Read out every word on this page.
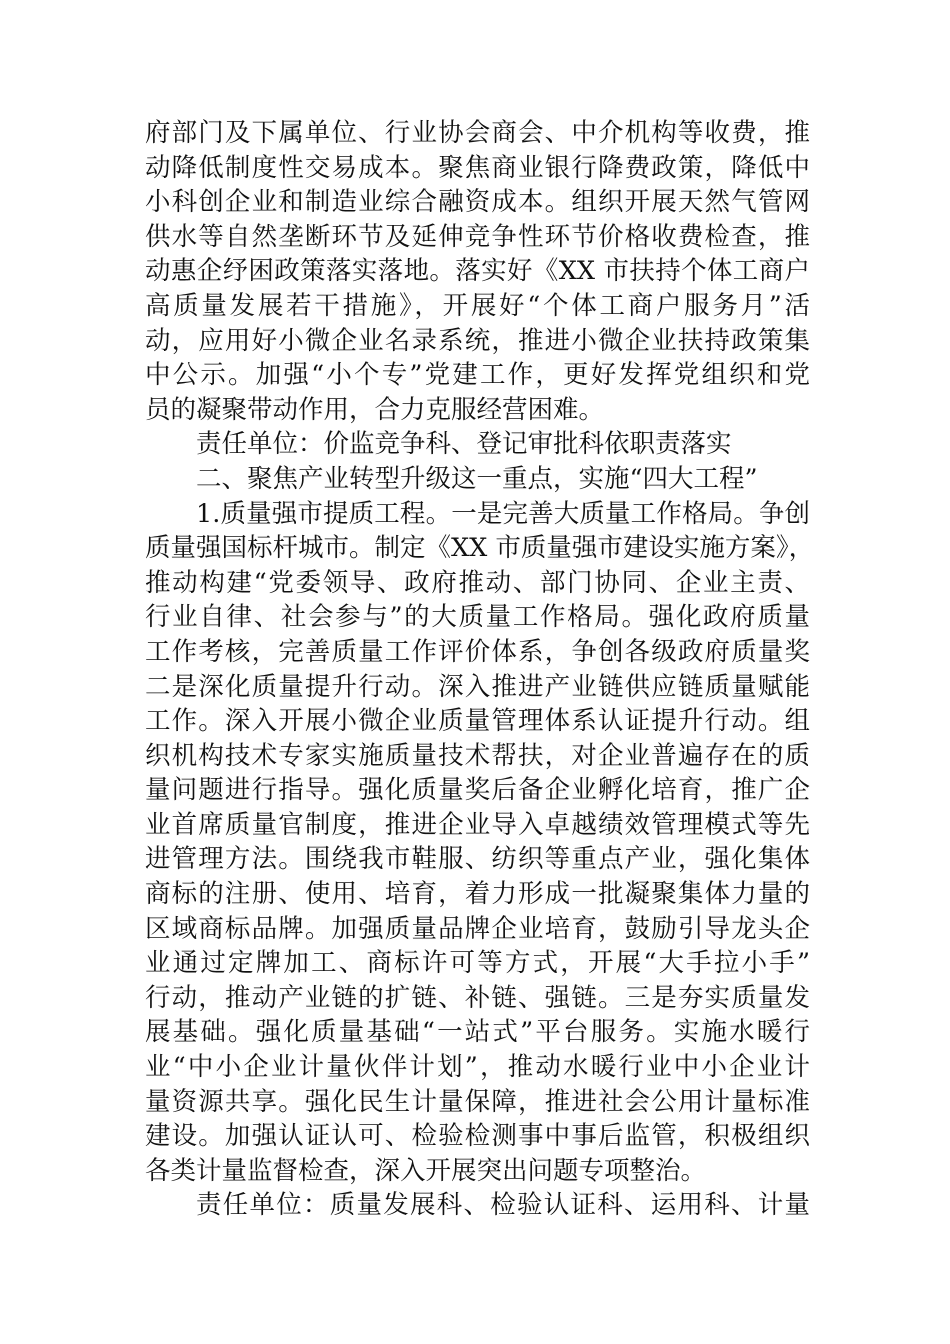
府部门及下属单位、行业协会商会、中介机构等收费，推
动降低制度性交易成本。聚焦商业银行降费政策，降低中
小科创企业和制造业综合融资成本。组织开展天然气管网
供水等自然垄断环节及延伸竞争性环节价格收费检查，推
动惠企纾困政策落实落地。落实好《XX 市扶持个体工商户
高质量发展若干措施》，开展好“个体工商户服务月”活
动，应用好小微企业名录系统，推进小微企业扶持政策集
中公示。加强“小个专”党建工作，更好发挥党组织和党
员的凝聚带动作用，合力克服经营困难。
责任单位：价监竞争科、登记审批科依职责落实
二、聚焦产业转型升级这一重点，实施“四大工程”
1.质量强市提质工程。一是完善大质量工作格局。争创
质量强国标杆城市。制定《XX 市质量强市建设实施方案》，
推动构建“党委领导、政府推动、部门协同、企业主责、
行业自律、社会参与”的大质量工作格局。强化政府质量
工作考核，完善质量工作评价体系，争创各级政府质量奖
二是深化质量提升行动。深入推进产业链供应链质量赋能
工作。深入开展小微企业质量管理体系认证提升行动。组
织机构技术专家实施质量技术帮扶，对企业普遍存在的质
量问题进行指导。强化质量奖后备企业孵化培育，推广企
业首席质量官制度，推进企业导入卓越绩效管理模式等先
进管理方法。围绕我市鞋服、纺织等重点产业，强化集体
商标的注册、使用、培育，着力形成一批凝聚集体力量的
区域商标品牌。加强质量品牌企业培育，鼓励引导龙头企
业通过定牌加工、商标许可等方式，开展“大手拉小手”
行动，推动产业链的扩链、补链、强链。三是夯实质量发
展基础。强化质量基础“一站式”平台服务。实施水暖行
业“中小企业计量伙伴计划”，推动水暖行业中小企业计
量资源共享。强化民生计量保障，推进社会公用计量标准
建设。加强认证认可、检验检测事中事后监管，积极组织
各类计量监督检查，深入开展突出问题专项整治。
责任单位：质量发展科、检验认证科、运用科、计量
